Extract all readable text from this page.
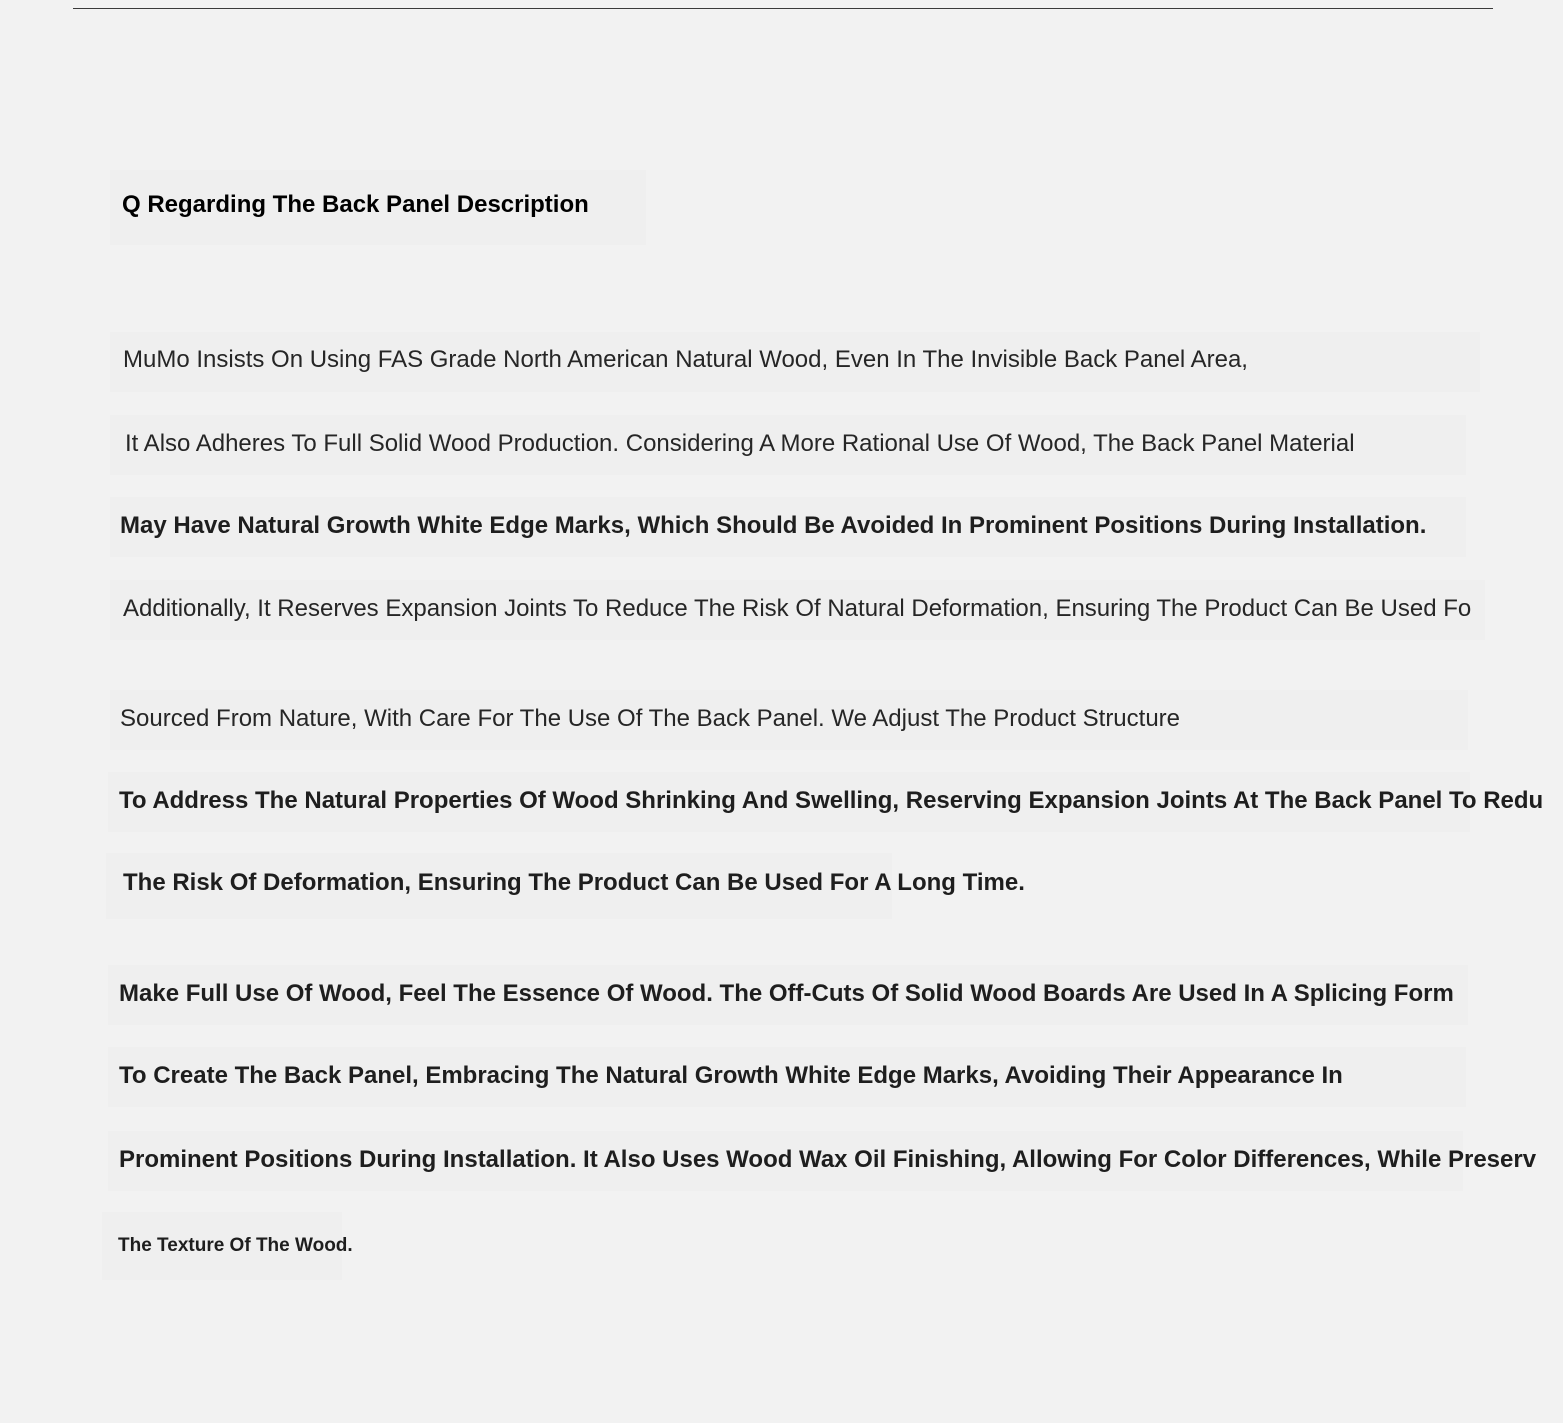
Q Regarding The Back Panel Description
MuMo Insists On Using FAS Grade North American Natural Wood, Even In The Invisible Back Panel Area,
It Also Adheres To Full Solid Wood Production. Considering A More Rational Use Of Wood, The Back Panel Material
May Have Natural Growth White Edge Marks, Which Should Be Avoided In Prominent Positions During Installation.
Additionally, It Reserves Expansion Joints To Reduce The Risk Of Natural Deformation, Ensuring The Product Can Be Used Fo
Sourced From Nature, With Care For The Use Of The Back Panel. We Adjust The Product Structure
To Address The Natural Properties Of Wood Shrinking And Swelling, Reserving Expansion Joints At The Back Panel To Redu
The Risk Of Deformation, Ensuring The Product Can Be Used For A Long Time.
Make Full Use Of Wood, Feel The Essence Of Wood. The Off-Cuts Of Solid Wood Boards Are Used In A Splicing Form
To Create The Back Panel, Embracing The Natural Growth White Edge Marks, Avoiding Their Appearance In
Prominent Positions During Installation. It Also Uses Wood Wax Oil Finishing, Allowing For Color Differences, While Preserv
The Texture Of The Wood.
